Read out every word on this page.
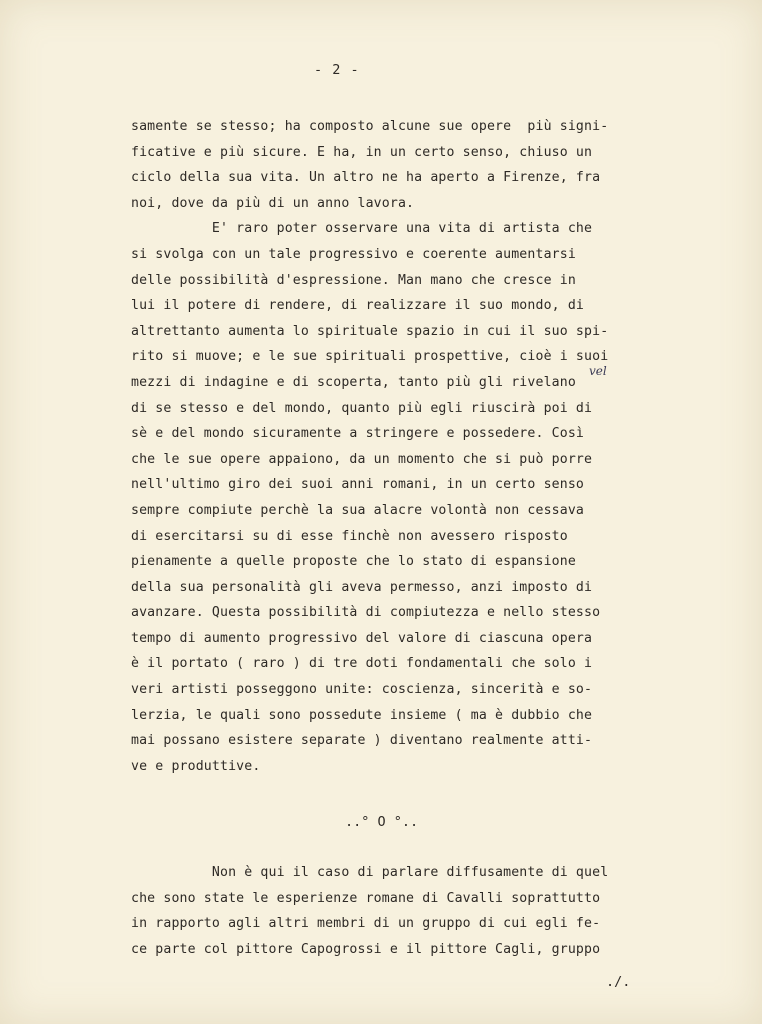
- 2 -
samente se stesso; ha composto alcune sue opere  più signi-
ficative e più sicure. E ha, in un certo senso, chiuso un
ciclo della sua vita. Un altro ne ha aperto a Firenze, fra
noi, dove da più di un anno lavora.
E' raro poter osservare una vita di artista che
si svolga con un tale progressivo e coerente aumentarsi
delle possibilità d'espressione. Man mano che cresce in
lui il potere di rendere, di realizzare il suo mondo, di
altrettanto aumenta lo spirituale spazio in cui il suo spi-
rito si muove; e le sue spirituali prospettive, cioè i suoi
mezzi di indagine e di scoperta, tanto più gli rivelano
di se stesso e del mondo, quanto più egli riuscirà poi di
sè e del mondo sicuramente a stringere e possedere. Così
che le sue opere appaiono, da un momento che si può porre
nell'ultimo giro dei suoi anni romani, in un certo senso
sempre compiute perchè la sua alacre volontà non cessava
di esercitarsi su di esse finchè non avessero risposto
pienamente a quelle proposte che lo stato di espansione
della sua personalità gli aveva permesso, anzi imposto di
avanzare. Questa possibilità di compiutezza e nello stesso
tempo di aumento progressivo del valore di ciascuna opera
è il portato ( raro ) di tre doti fondamentali che solo i
veri artisti posseggono unite: coscienza, sincerità e so-
lerzia, le quali sono possedute insieme ( ma è dubbio che
mai possano esistere separate ) diventano realmente atti-
ve e produttive.
vel
..° O °..
Non è qui il caso di parlare diffusamente di quel
che sono state le esperienze romane di Cavalli soprattutto
in rapporto agli altri membri di un gruppo di cui egli fe-
ce parte col pittore Capogrossi e il pittore Cagli, gruppo
./.
